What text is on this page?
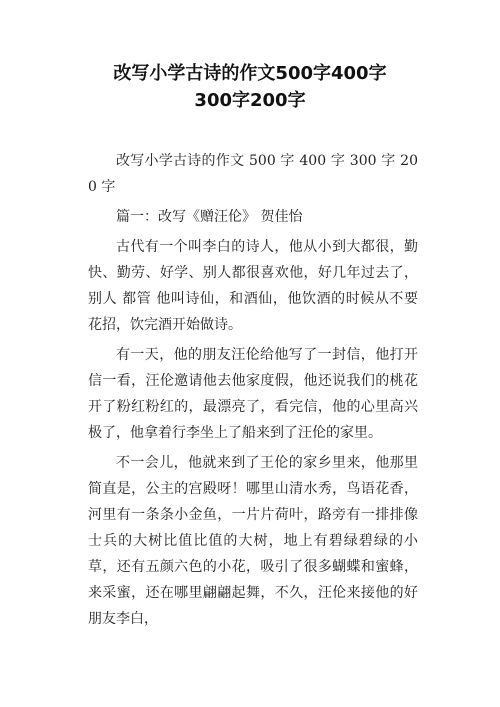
改写小学古诗的作文500字400字
300字200字

改写小学古诗的作文 500 字 400 字 300 字 200 字

篇一：改写《赠汪伦》 贺佳怡

古代有一个叫李白的诗人，他从小到大都很，勤快、勤劳、好学、别人都很喜欢他，好几年过去了，别人 都管 他叫诗仙，和酒仙，他饮酒的时候从不要花招，饮完酒开始做诗。

有一天，他的朋友汪伦给他写了一封信，他打开信一看，汪伦邀请他去他家度假，他还说我们的桃花开了粉红粉红的，最漂亮了，看完信，他的心里高兴极了，他拿着行李坐上了船来到了汪伦的家里。

不一会儿，他就来到了王伦的家乡里来，他那里简直是，公主的宫殿呀！哪里山清水秀，鸟语花香，河里有一条条小金鱼，一片片荷叶，路旁有一排排像士兵的大树比值比值的大树，地上有碧绿碧绿的小草，还有五颜六色的小花，吸引了很多蝴蝶和蜜蜂，来采蜜，还在哪里翩翩起舞，不久，汪伦来接他的好朋友李白，
